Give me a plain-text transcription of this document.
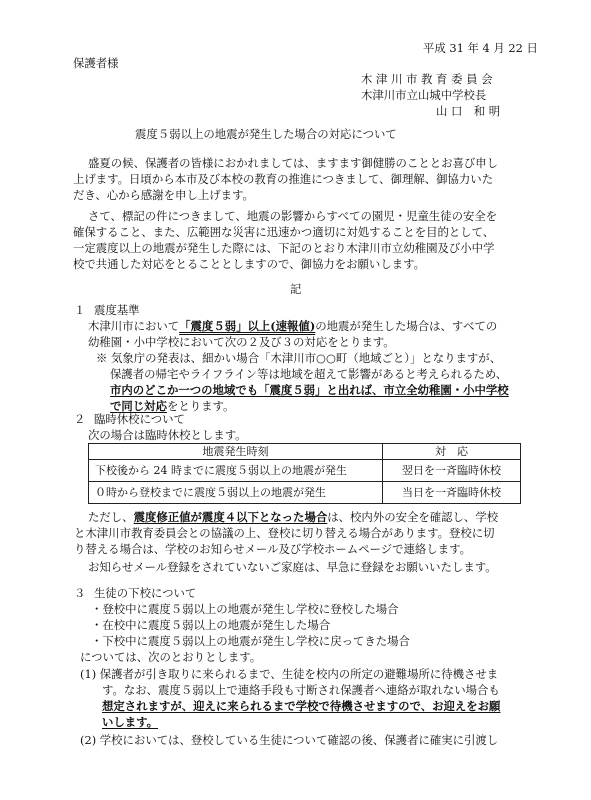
平成 31 年 4 月 22 日
保護者様
木 津 川 市 教 育 委 員 会
木津川市立山城中学校長
山 口　和 明
震度５弱以上の地震が発生した場合の対応について
盛夏の候、保護者の皆様におかれましては、ますます御健勝のこととお喜び申し
上げます。日頃から本市及び本校の教育の推進につきまして、御理解、御協力いた
だき、心から感謝を申し上げます。
さて、標記の件につきまして、地震の影響からすべての園児・児童生徒の安全を
確保すること、また、広範囲な災害に迅速かつ適切に対処することを目的として、
一定震度以上の地震が発生した際には、下記のとおり木津川市立幼稚園及び小中学
校で共通した対応をとることとしますので、御協力をお願いします。
記
１ 震度基準
木津川市において「震度５弱」以上(速報値)の地震が発生した場合は、すべての
幼稚園・小中学校において次の２及び３の対応をとります。
※ 気象庁の発表は、細かい場合「木津川市○○町（地域ごと）」となりますが、
保護者の帰宅やライフライン等は地域を超えて影響があると考えられるため、
市内のどこか一つの地域でも「震度５弱」と出れば、市立全幼稚園・小中学校
で同じ対応をとります。
２ 臨時休校について
次の場合は臨時休校とします。
地震発生時刻	対　応
下校後から 24 時までに震度５弱以上の地震が発生	翌日を一斉臨時休校
０時から登校までに震度５弱以上の地震が発生	当日を一斉臨時休校
ただし、震度修正値が震度４以下となった場合は、校内外の安全を確認し、学校
と木津川市教育委員会との協議の上、登校に切り替える場合があります。登校に切
り替える場合は、学校のお知らせメール及び学校ホームページで連絡します。
お知らせメール登録をされていないご家庭は、早急に登録をお願いいたします。
３ 生徒の下校について
・登校中に震度５弱以上の地震が発生し学校に登校した場合
・在校中に震度５弱以上の地震が発生した場合
・下校中に震度５弱以上の地震が発生し学校に戻ってきた場合
については、次のとおりとします。
(1) 保護者が引き取りに来られるまで、生徒を校内の所定の避難場所に待機させま
す。なお、震度５弱以上で連絡手段も寸断され保護者へ連絡が取れない場合も
想定されますが、迎えに来られるまで学校で待機させますので、お迎えをお願
いします。
(2) 学校においては、登校している生徒について確認の後、保護者に確実に引渡し
